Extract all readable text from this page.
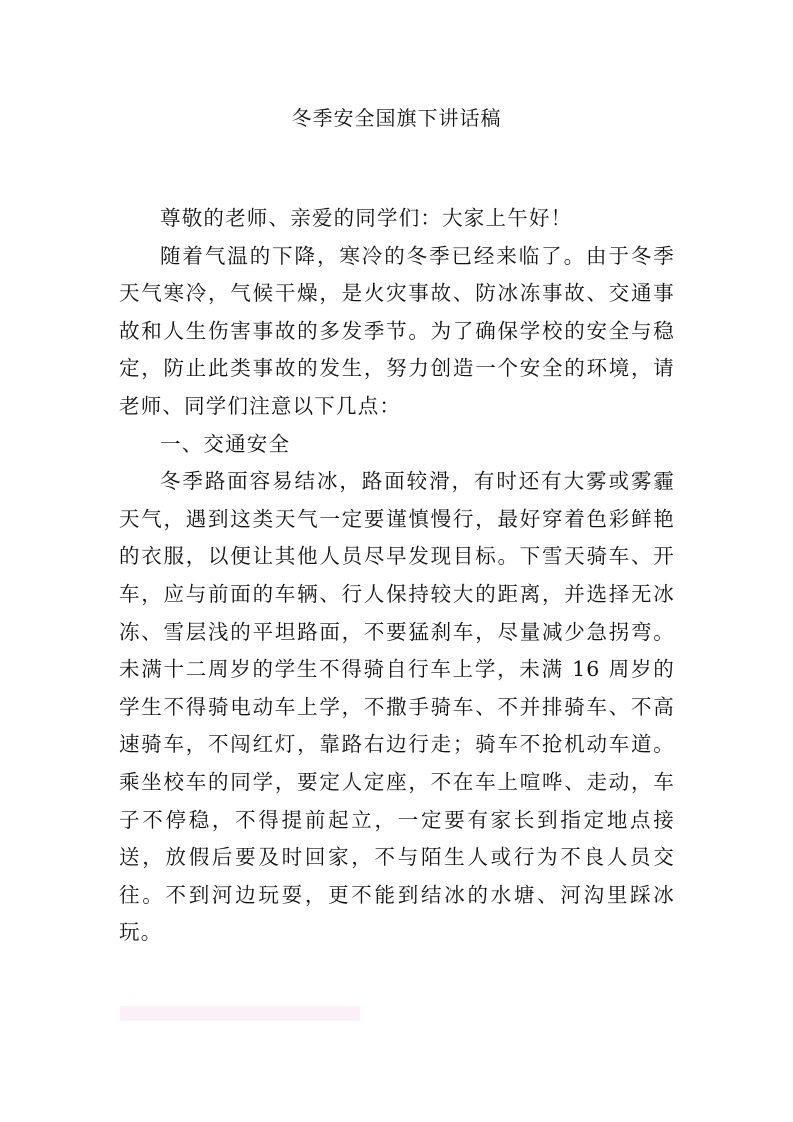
冬季安全国旗下讲话稿

尊敬的老师、亲爱的同学们：大家上午好！

随着气温的下降，寒冷的冬季已经来临了。由于冬季天气寒冷，气候干燥，是火灾事故、防冰冻事故、交通事故和人生伤害事故的多发季节。为了确保学校的安全与稳定，防止此类事故的发生，努力创造一个安全的环境，请老师、同学们注意以下几点：

一、交通安全

冬季路面容易结冰，路面较滑，有时还有大雾或雾霾天气，遇到这类天气一定要谨慎慢行，最好穿着色彩鲜艳的衣服，以便让其他人员尽早发现目标。下雪天骑车、开车，应与前面的车辆、行人保持较大的距离，并选择无冰冻、雪层浅的平坦路面，不要猛刹车，尽量减少急拐弯。未满十二周岁的学生不得骑自行车上学，未满 16 周岁的学生不得骑电动车上学，不撒手骑车、不并排骑车、不高速骑车，不闯红灯，靠路右边行走；骑车不抢机动车道。乘坐校车的同学，要定人定座，不在车上喧哗、走动，车子不停稳，不得提前起立，一定要有家长到指定地点接送，放假后要及时回家，不与陌生人或行为不良人员交往。不到河边玩耍，更不能到结冰的水塘、河沟里踩冰玩。
